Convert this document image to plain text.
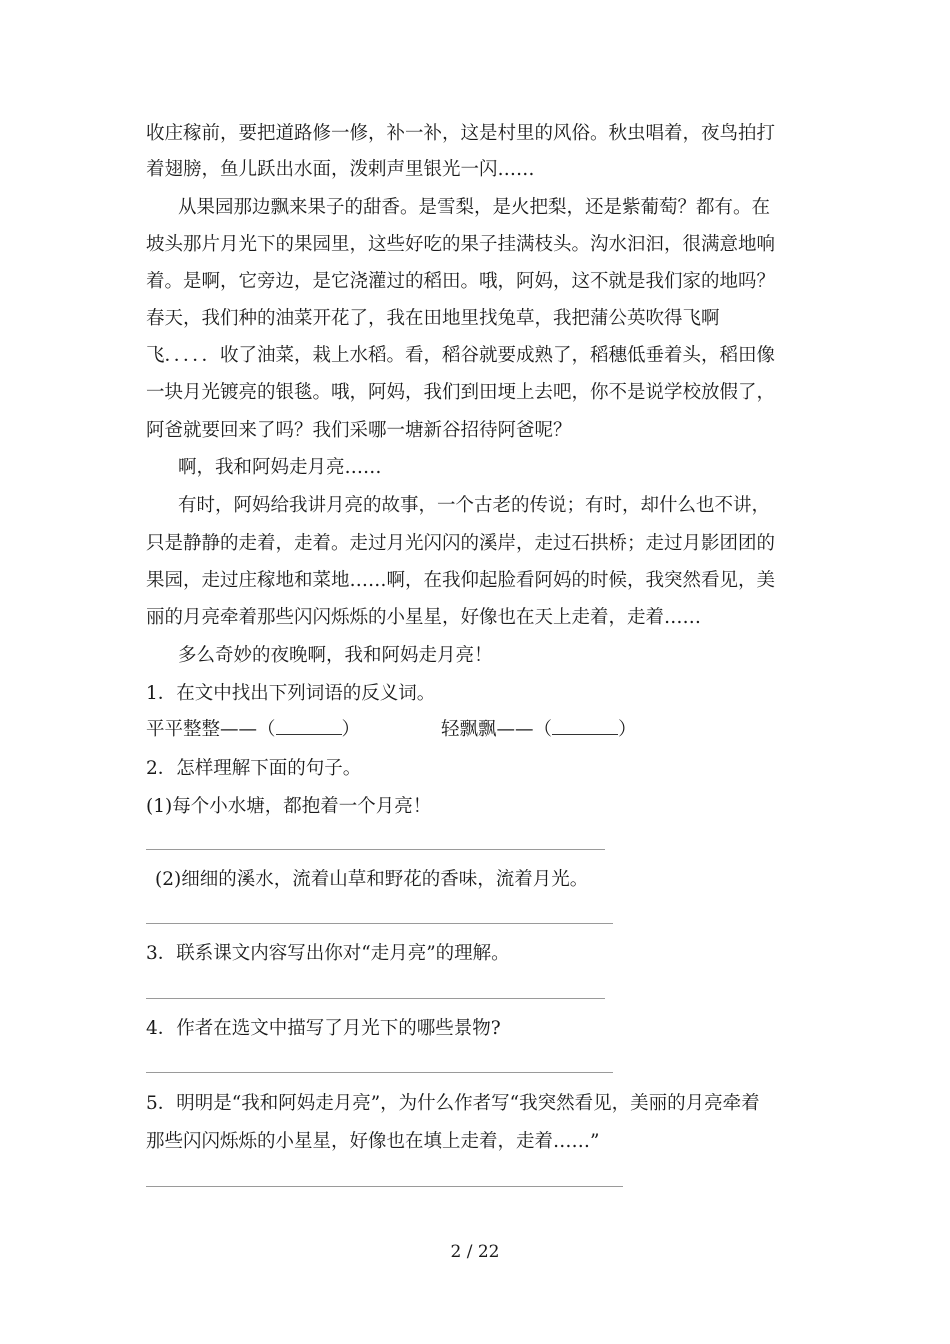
收庄稼前，要把道路修一修，补一补，这是村里的风俗。秋虫唱着，夜鸟拍打
着翅膀，鱼儿跃出水面，泼剌声里银光一闪……
从果园那边飘来果子的甜香。是雪梨，是火把梨，还是紫葡萄？都有。在
坡头那片月光下的果园里，这些好吃的果子挂满枝头。沟水汩汩，很满意地响
着。是啊，它旁边，是它浇灌过的稻田。哦，阿妈，这不就是我们家的地吗？
春天，我们种的油菜开花了，我在田地里找兔草，我把蒲公英吹得飞啊
飞．．．．．收了油菜，栽上水稻。看，稻谷就要成熟了，稻穗低垂着头，稻田像
一块月光镀亮的银毯。哦，阿妈，我们到田埂上去吧，你不是说学校放假了，
阿爸就要回来了吗？我们采哪一塘新谷招待阿爸呢？
啊，我和阿妈走月亮……
有时，阿妈给我讲月亮的故事，一个古老的传说；有时，却什么也不讲，
只是静静的走着，走着。走过月光闪闪的溪岸，走过石拱桥；走过月影团团的
果园，走过庄稼地和菜地……啊，在我仰起脸看阿妈的时候，我突然看见，美
丽的月亮牵着那些闪闪烁烁的小星星，好像也在天上走着，走着……
多么奇妙的夜晚啊，我和阿妈走月亮！
1．在文中找出下列词语的反义词。
平平整整——（	）	轻飘飘——（	）
2．怎样理解下面的句子。
(1)每个小水塘，都抱着一个月亮！
(2)细细的溪水，流着山草和野花的香味，流着月光。
3．联系课文内容写出你对“走月亮”的理解。
4．作者在选文中描写了月光下的哪些景物?
5．明明是“我和阿妈走月亮”，为什么作者写“我突然看见，美丽的月亮牵着
那些闪闪烁烁的小星星，好像也在填上走着，走着……”
2 / 22
